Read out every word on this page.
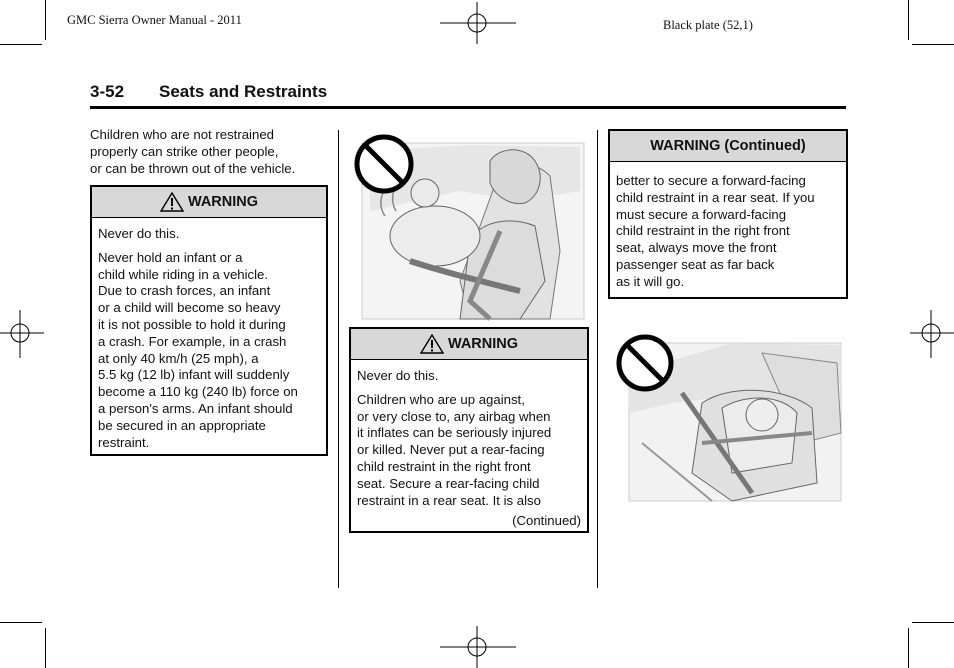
GMC Sierra Owner Manual - 2011	Black plate (52,1)
3-52 Seats and Restraints
Children who are not restrained
properly can strike other people,
or can be thrown out of the vehicle.
WARNING

Never do this.

Never hold an infant or a
child while riding in a vehicle.
Due to crash forces, an infant
or a child will become so heavy
it is not possible to hold it during
a crash. For example, in a crash
at only 40 km/h (25 mph), a
5.5 kg (12 lb) infant will suddenly
become a 110 kg (240 lb) force on
a person's arms. An infant should
be secured in an appropriate
restraint.
WARNING

Never do this.

Children who are up against,
or very close to, any airbag when
it inflates can be seriously injured
or killed. Never put a rear-facing
child restraint in the right front
seat. Secure a rear-facing child
restraint in a rear seat. It is also
(Continued)
WARNING (Continued)
better to secure a forward-facing
child restraint in a rear seat. If you
must secure a forward-facing
child restraint in the right front
seat, always move the front
passenger seat as far back
as it will go.
